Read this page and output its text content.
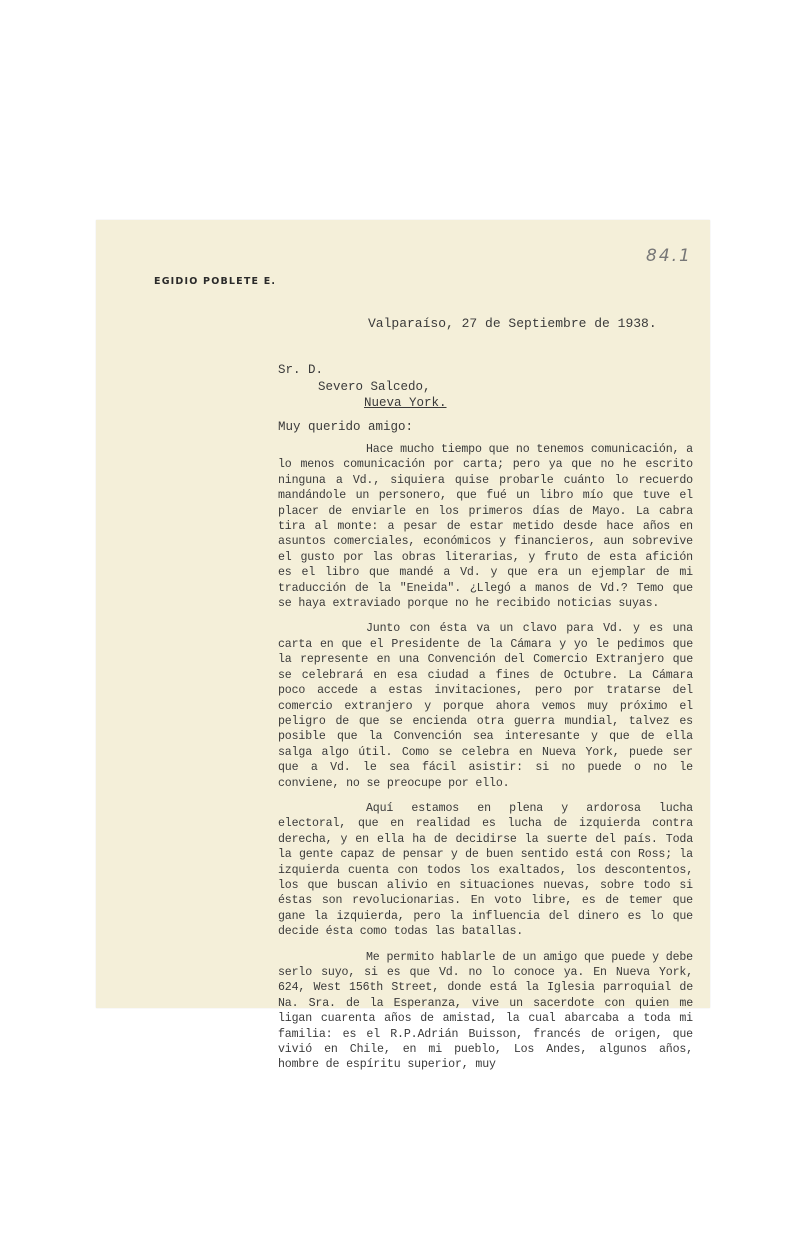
84.1
EGIDIO POBLETE E.
Valparaíso, 27 de Septiembre de 1938.
Sr. D.
Severo Salcedo,
Nueva York.
Muy querido amigo:

Hace mucho tiempo que no tenemos comunicación, a lo menos comunicación por carta; pero ya que no he escrito ninguna a Vd., siquiera quise probarle cuánto lo recuerdo mandándole un personero, que fué un libro mío que tuve el placer de enviarle en los primeros días de Mayo. La cabra tira al monte: a pesar de estar metido desde hace años en asuntos comerciales, económicos y financieros, aun sobrevive el gusto por las obras literarias, y fruto de esta afición es el libro que mandé a Vd. y que era un ejemplar de mi traducción de la "Eneida". ¿Llegó a manos de Vd.? Temo que se haya extraviado porque no he recibido noticias suyas.

Junto con ésta va un clavo para Vd. y es una carta en que el Presidente de la Cámara y yo le pedimos que la represente en una Convención del Comercio Extranjero que se celebrará en esa ciudad a fines de Octubre. La Cámara poco accede a estas invitaciones, pero por tratarse del comercio extranjero y porque ahora vemos muy próximo el peligro de que se encienda otra guerra mundial, talvez es posible que la Convención sea interesante y que de ella salga algo útil. Como se celebra en Nueva York, puede ser que a Vd. le sea fácil asistir: si no puede o no le conviene, no se preocupe por ello.

Aquí estamos en plena y ardorosa lucha electoral, que en realidad es lucha de izquierda contra derecha, y en ella ha de decidirse la suerte del país. Toda la gente capaz de pensar y de buen sentido está con Ross; la izquierda cuenta con todos los exaltados, los descontentos, los que buscan alivio en situaciones nuevas, sobre todo si éstas son revolucionarias. En voto libre, es de temer que gane la izquierda, pero la influencia del dinero es lo que decide ésta como todas las batallas.

Me permito hablarle de un amigo que puede y debe serlo suyo, si es que Vd. no lo conoce ya. En Nueva York, 624, West 156th Street, donde está la Iglesia parroquial de Na. Sra. de la Esperanza, vive un sacerdote con quien me ligan cuarenta años de amistad, la cual abarcaba a toda mi familia: es el R.P.Adrián Buisson, francés de origen, que vivió en Chile, en mi pueblo, Los Andes, algunos años, hombre de espíritu superior, muy
